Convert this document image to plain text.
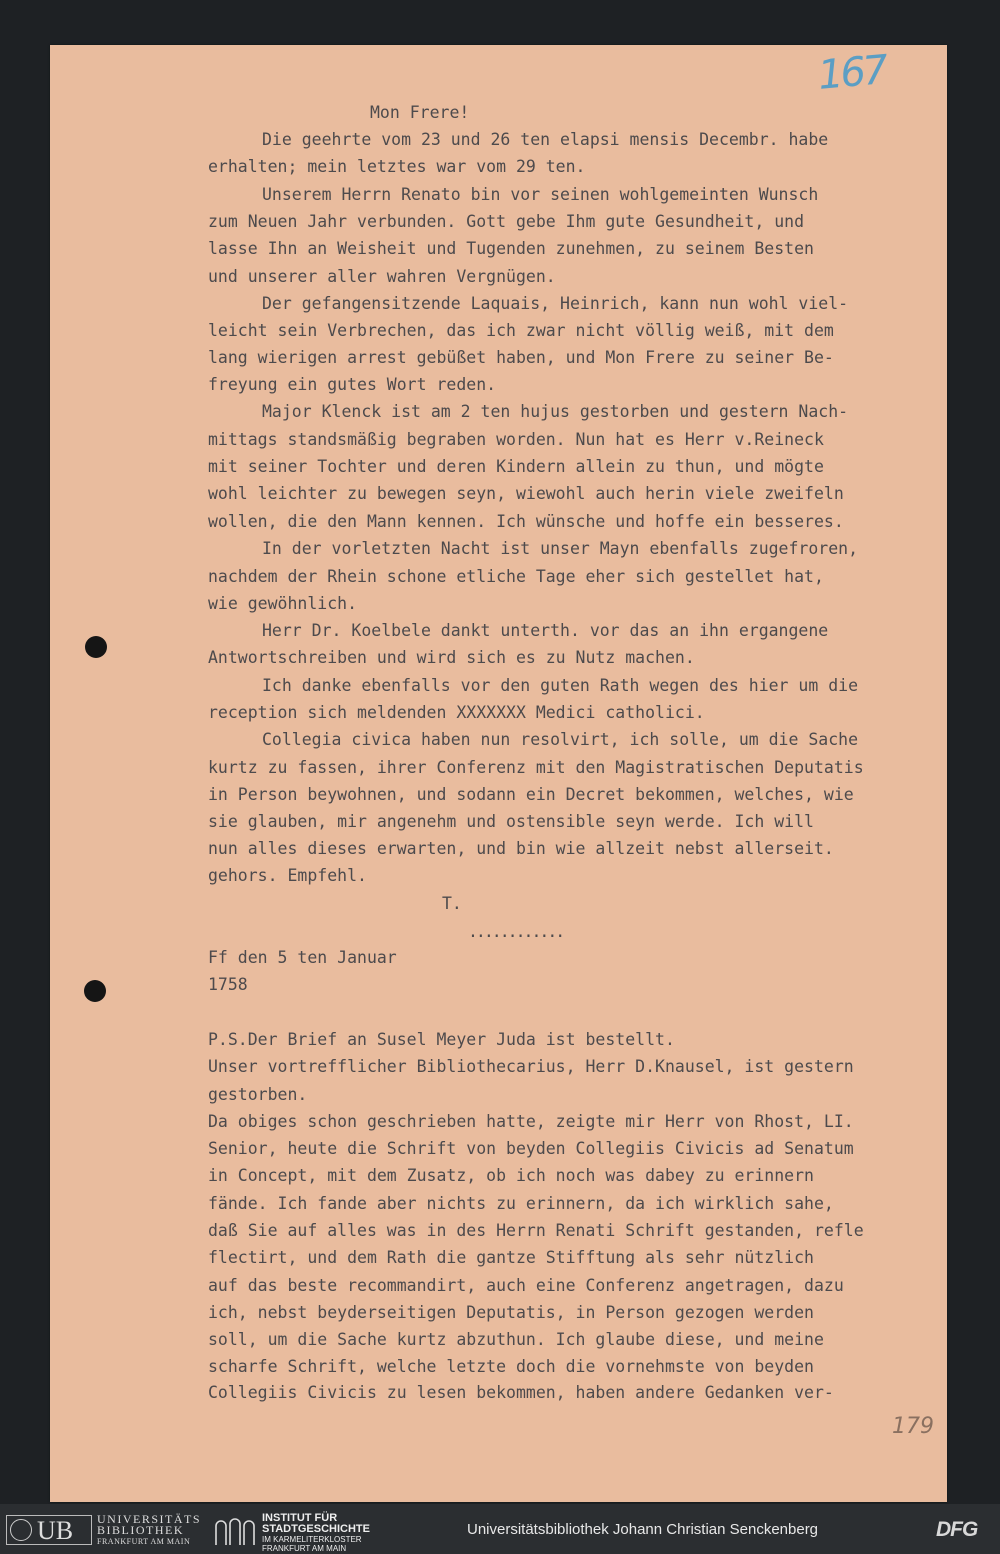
167
179

Mon Frere!

Die geehrte vom 23 und 26 ten elapsi mensis Decembr. habe

erhalten; mein letztes war vom 29 ten.

Unserem Herrn Renato bin vor seinen wohlgemeinten Wunsch

zum Neuen Jahr verbunden. Gott gebe Ihm gute Gesundheit, und

lasse Ihn an Weisheit und Tugenden zunehmen, zu seinem Besten

und unserer aller wahren Vergnügen.

Der gefangensitzende Laquais, Heinrich, kann nun wohl viel-

leicht sein Verbrechen, das ich zwar nicht völlig weiß, mit dem

lang wierigen arrest gebüßet haben, und Mon Frere zu seiner Be-

freyung ein gutes Wort reden.

Major Klenck ist am 2 ten hujus gestorben und gestern Nach-

mittags standsmäßig begraben worden. Nun hat es Herr v.Reineck

mit seiner Tochter und deren Kindern allein zu thun, und mögte

wohl leichter zu bewegen seyn, wiewohl auch herin viele zweifeln

wollen, die den Mann kennen. Ich wünsche und hoffe ein besseres.

In der vorletzten Nacht ist unser Mayn ebenfalls zugefroren,

nachdem der Rhein schone etliche Tage eher sich gestellet hat,

wie gewöhnlich.

Herr Dr. Koelbele dankt unterth. vor das an ihn ergangene

Antwortschreiben und wird sich es zu Nutz machen.

Ich danke ebenfalls vor den guten Rath wegen des hier um die

reception sich meldenden XXXXXXX Medici catholici.

Collegia civica haben nun resolvirt, ich solle, um die Sache

kurtz zu fassen, ihrer Conferenz mit den Magistratischen Deputatis

in Person beywohnen, und sodann ein Decret bekommen, welches, wie

sie glauben, mir angenehm und ostensible seyn werde. Ich will

nun alles dieses erwarten, und bin wie allzeit nebst allerseit.

gehors. Empfehl.

T.

............

Ff den 5 ten Januar

1758

P.S.Der Brief an Susel Meyer Juda ist bestellt.

Unser vortrefflicher Bibliothecarius, Herr D.Knausel, ist gestern

gestorben.

Da obiges schon geschrieben hatte, zeigte mir Herr von Rhost, LI.

Senior, heute die Schrift von beyden Collegiis Civicis ad Senatum

in Concept, mit dem Zusatz, ob ich noch was dabey zu erinnern

fände. Ich fande aber nichts zu erinnern, da ich wirklich sahe,

daß Sie auf alles was in des Herrn Renati Schrift gestanden, refle

flectirt, und dem Rath die gantze Stifftung als sehr nützlich

auf das beste recommandirt, auch eine Conferenz angetragen, dazu

ich, nebst beyderseitigen Deputatis, in Person gezogen werden

soll, um die Sache kurtz abzuthun. Ich glaube diese, und meine

scharfe Schrift, welche letzte doch die vornehmste von beyden

Collegiis Civicis zu lesen bekommen, haben andere Gedanken ver-

UB UNIVERSITÄTS
BIBLIOTHEK
FRANKFURT AM MAIN
INSTITUT FÜR
STADTGESCHICHTE
IM KARMELITERKLOSTER
FRANKFURT AM MAIN
Universitätsbibliothek Johann Christian Senckenberg	DFG
